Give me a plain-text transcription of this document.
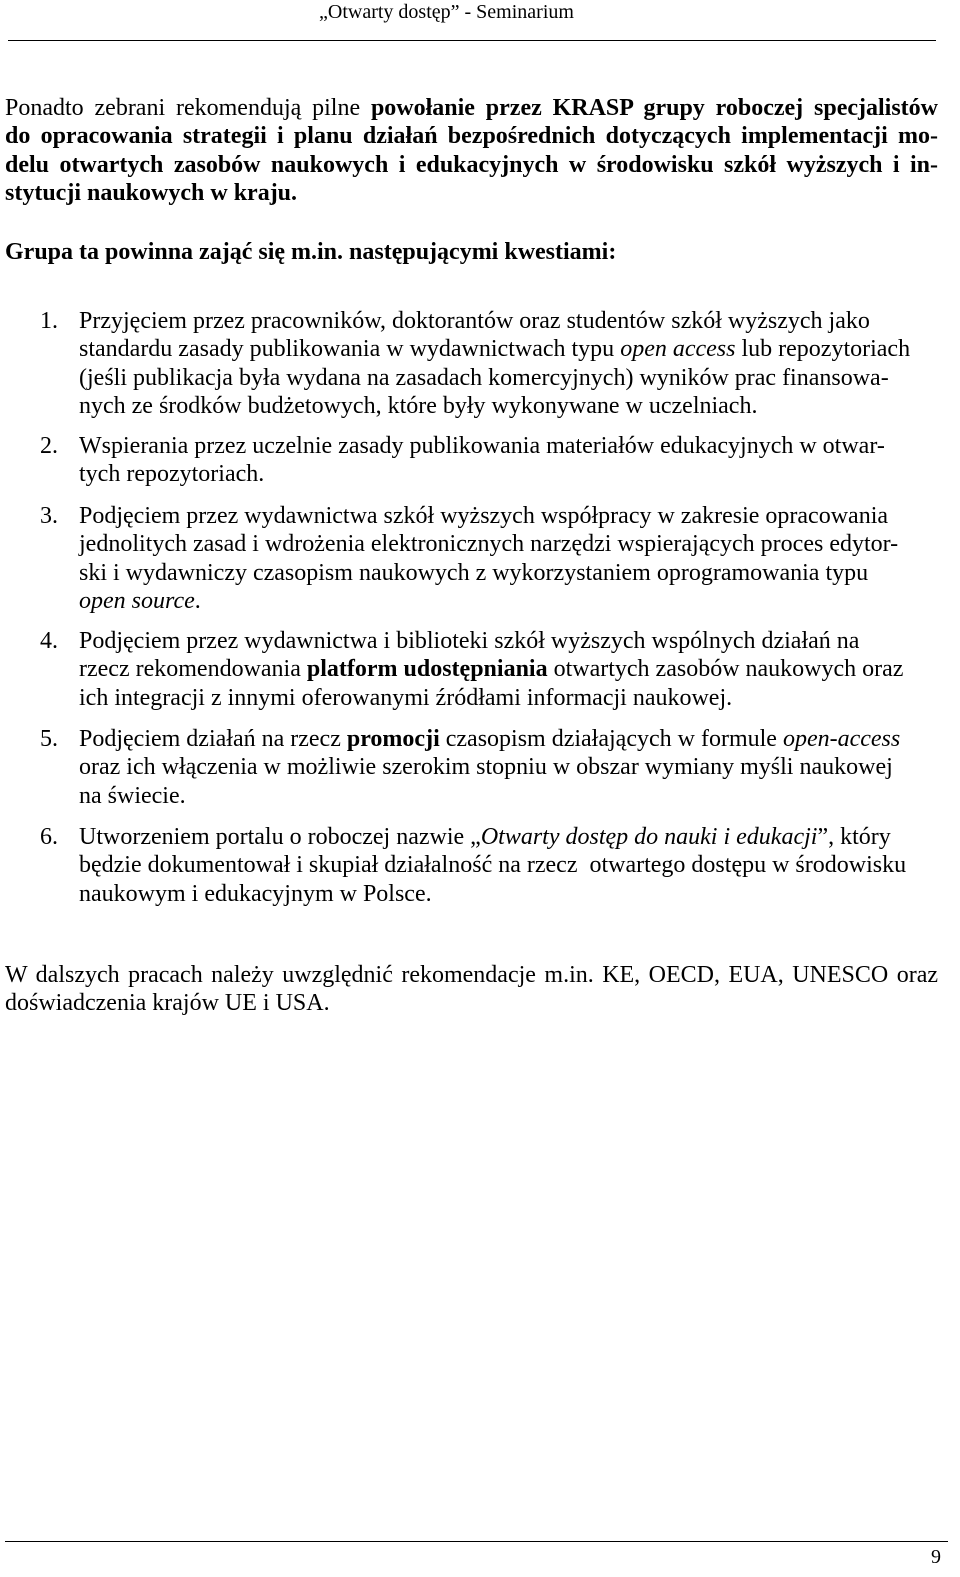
„Otwarty dostęp” - Seminarium
Ponadto zebrani rekomendują pilne powołanie przez KRASP grupy roboczej specjalistów
do opracowania strategii i planu działań bezpośrednich dotyczących implementacji mo-
delu otwartych zasobów naukowych i edukacyjnych w środowisku szkół wyższych i in-
stytucji naukowych w kraju.
Grupa ta powinna zająć się m.in. następującymi kwestiami:
1. Przyjęciem przez pracowników, doktorantów oraz studentów szkół wyższych jako
standardu zasady publikowania w wydawnictwach typu open access lub repozytoriach
(jeśli publikacja była wydana na zasadach komercyjnych) wyników prac finansowa-
nych ze środków budżetowych, które były wykonywane w uczelniach.
2. Wspierania przez uczelnie zasady publikowania materiałów edukacyjnych w otwar-
tych repozytoriach.
3. Podjęciem przez wydawnictwa szkół wyższych współpracy w zakresie opracowania
jednolitych zasad i wdrożenia elektronicznych narzędzi wspierających proces edytor-
ski i wydawniczy czasopism naukowych z wykorzystaniem oprogramowania typu
open source.
4. Podjęciem przez wydawnictwa i biblioteki szkół wyższych wspólnych działań na
rzecz rekomendowania platform udostępniania otwartych zasobów naukowych oraz
ich integracji z innymi oferowanymi źródłami informacji naukowej.
5. Podjęciem działań na rzecz promocji czasopism działających w formule open-access
oraz ich włączenia w możliwie szerokim stopniu w obszar wymiany myśli naukowej
na świecie.
6. Utworzeniem portalu o roboczej nazwie „Otwarty dostęp do nauki i edukacji”, który
będzie dokumentował i skupiał działalność na rzecz  otwartego dostępu w środowisku
naukowym i edukacyjnym w Polsce.
W dalszych pracach należy uwzględnić rekomendacje m.in. KE, OECD, EUA, UNESCO oraz
doświadczenia krajów UE i USA.
9
